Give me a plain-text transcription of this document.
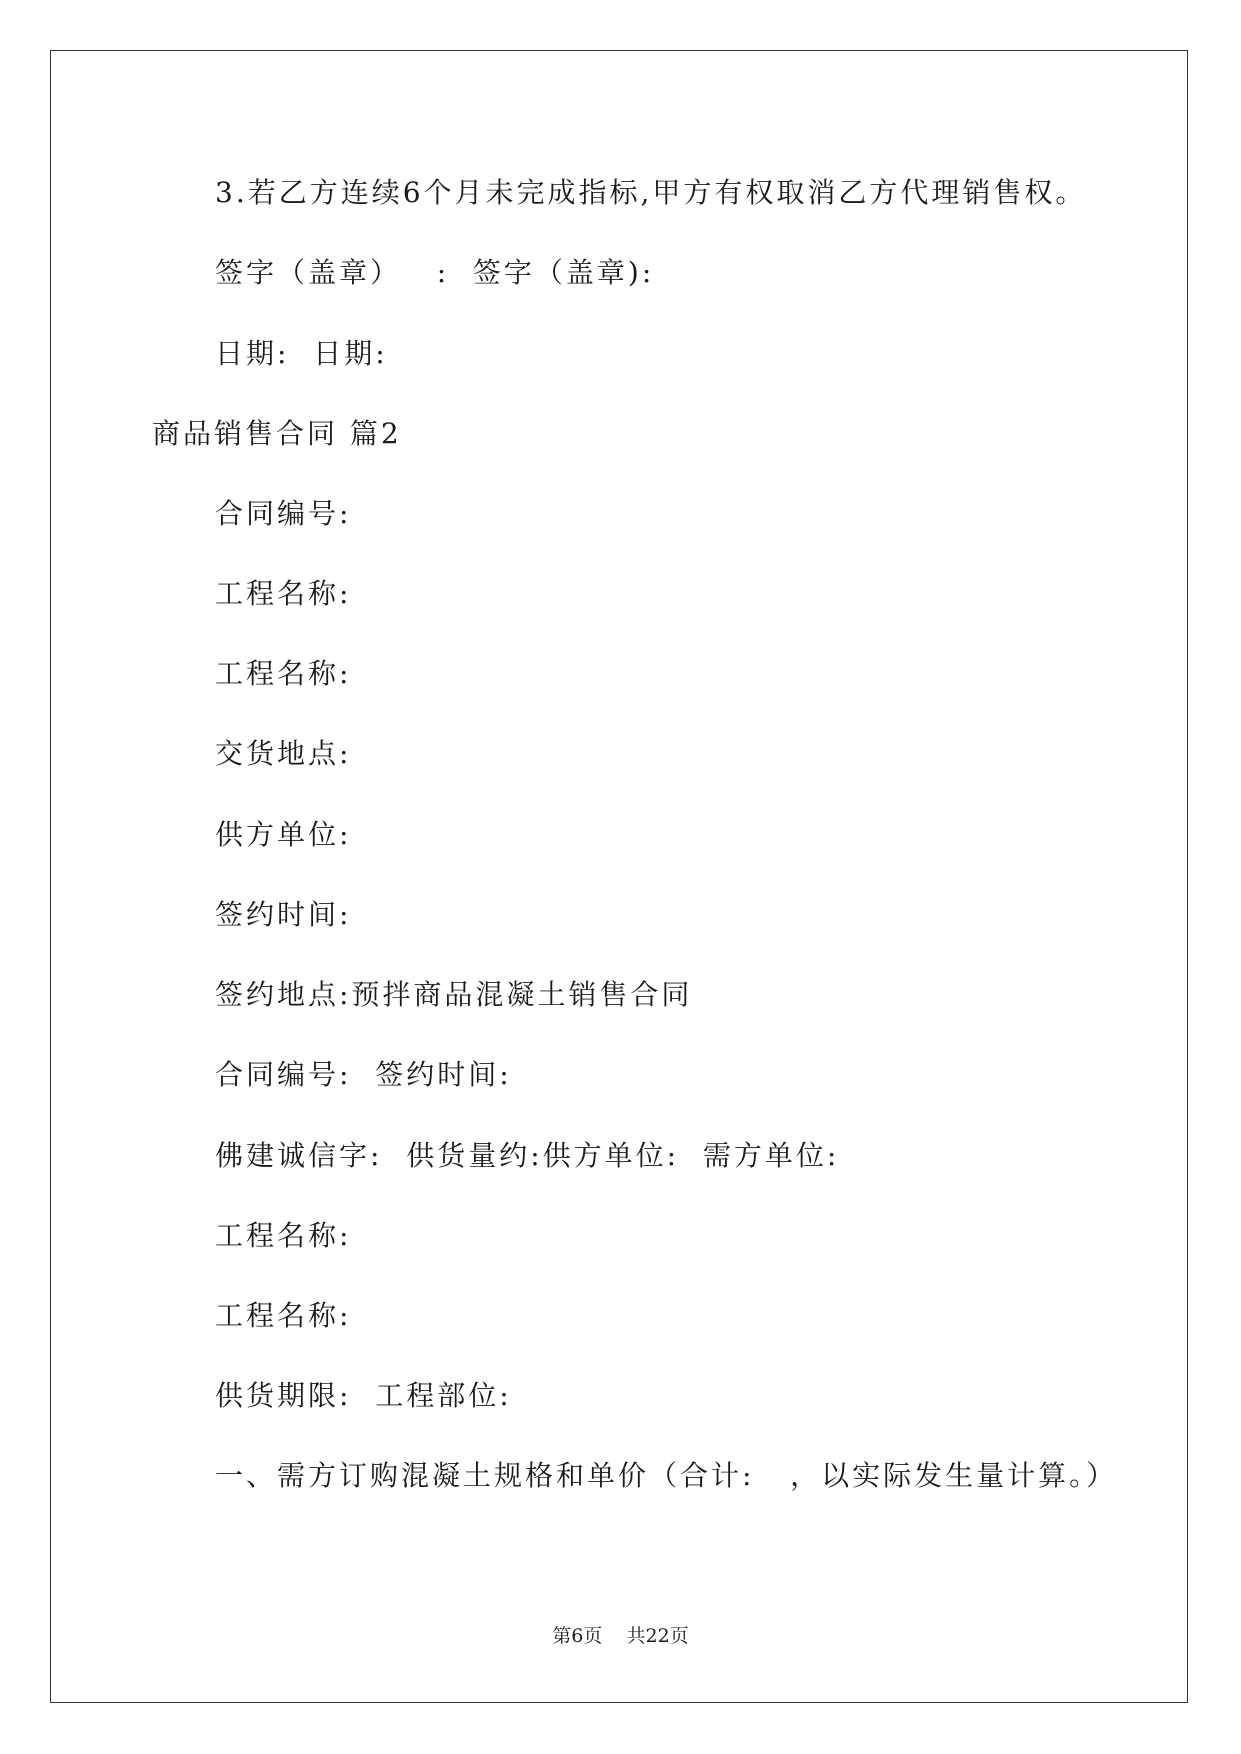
3.若乙方连续6个月未完成指标,甲方有权取消乙方代理销售权。
签字（盖章）   :  签字（盖章):
日期:  日期:
商品销售合同 篇2
合同编号:
工程名称:
工程名称:
交货地点:
供方单位:
签约时间:
签约地点:预拌商品混凝土销售合同
合同编号:  签约时间:
佛建诚信字:  供货量约:供方单位:  需方单位:
工程名称:
工程名称:
供货期限:  工程部位:
一、需方订购混凝土规格和单价（合计:   ，以实际发生量计算。）
第6页    共22页
